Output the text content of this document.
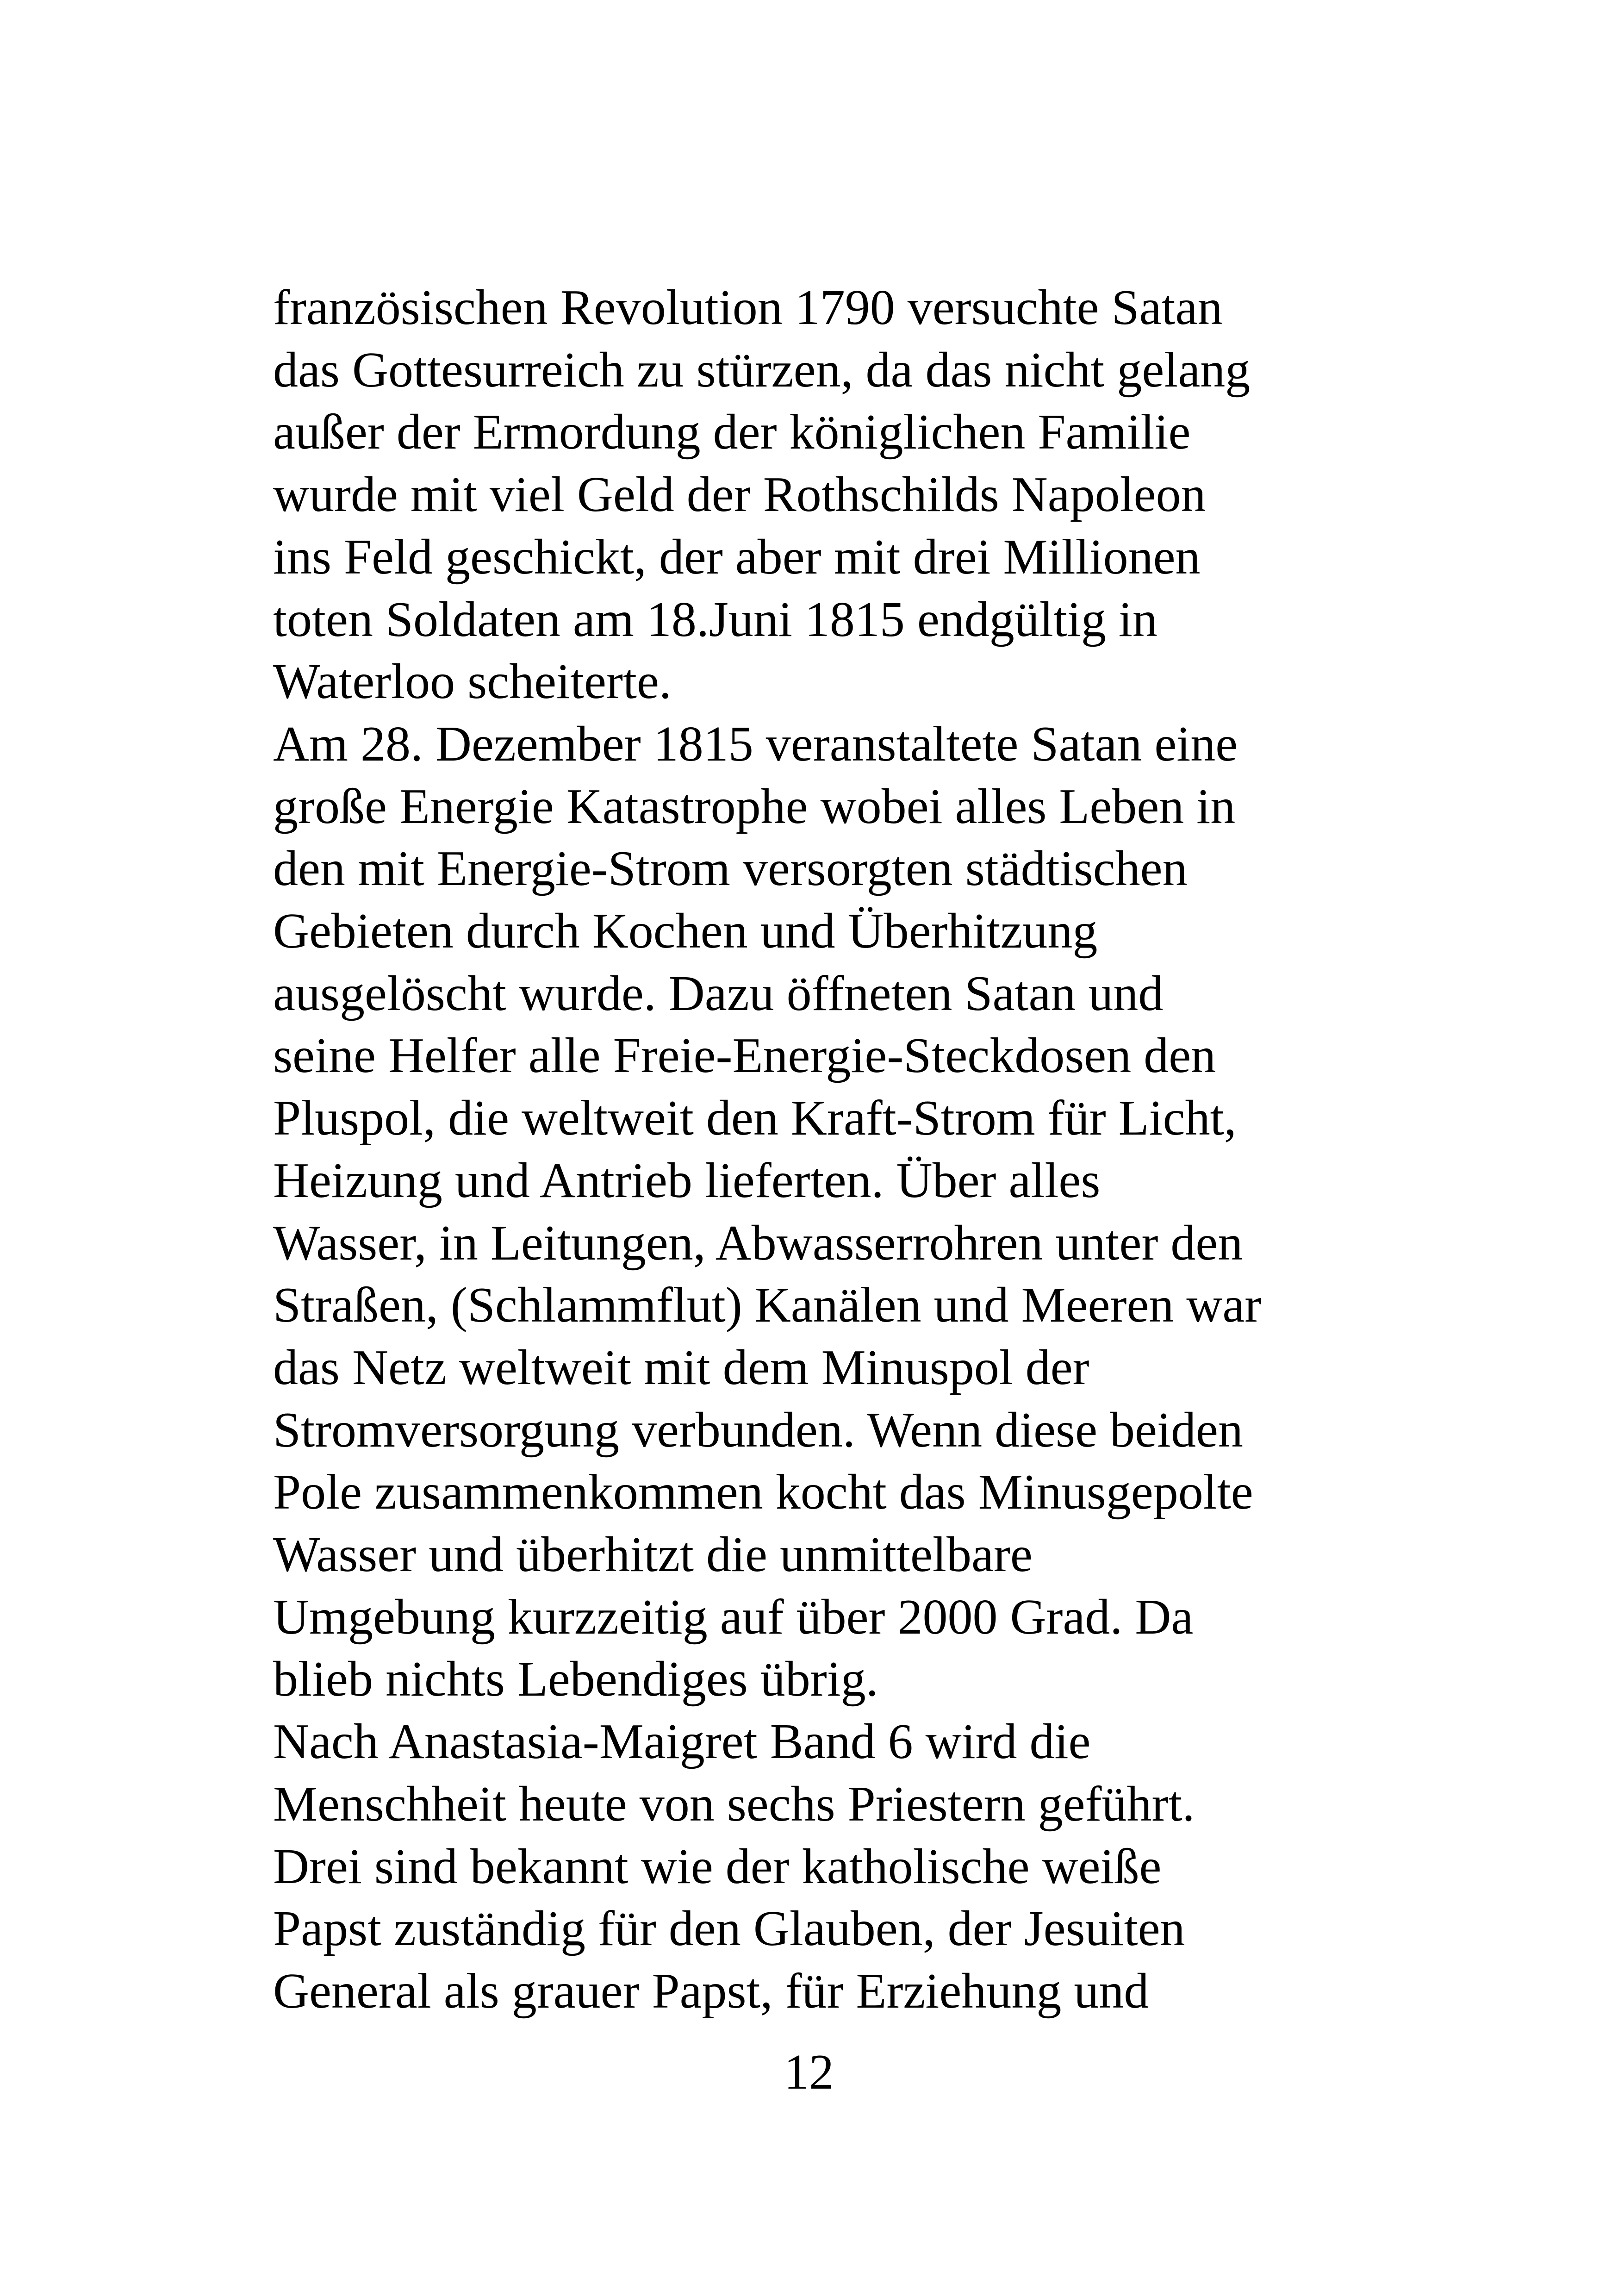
französischen Revolution 1790 versuchte Satan
das Gottesurreich zu stürzen, da das nicht gelang
außer der Ermordung der königlichen Familie
wurde mit viel Geld der Rothschilds Napoleon
ins Feld geschickt, der aber mit drei Millionen
toten Soldaten am 18.Juni 1815 endgültig in
Waterloo scheiterte.
Am 28. Dezember 1815 veranstaltete Satan eine
große Energie Katastrophe wobei alles Leben in
den mit Energie-Strom versorgten städtischen
Gebieten durch Kochen und Überhitzung
ausgelöscht wurde. Dazu öffneten Satan und
seine Helfer alle Freie-Energie-Steckdosen den
Pluspol, die weltweit den Kraft-Strom für Licht,
Heizung und Antrieb lieferten. Über alles
Wasser, in Leitungen, Abwasserrohren unter den
Straßen, (Schlammflut) Kanälen und Meeren war
das Netz weltweit mit dem Minuspol der
Stromversorgung verbunden. Wenn diese beiden
Pole zusammenkommen kocht das Minusgepolte
Wasser und überhitzt die unmittelbare
Umgebung kurzzeitig auf über 2000 Grad. Da
blieb nichts Lebendiges übrig.
Nach Anastasia-Maigret Band 6 wird die
Menschheit heute von sechs Priestern geführt.
Drei sind bekannt wie der katholische weiße
Papst zuständig für den Glauben, der Jesuiten
General als grauer Papst, für Erziehung und
12
